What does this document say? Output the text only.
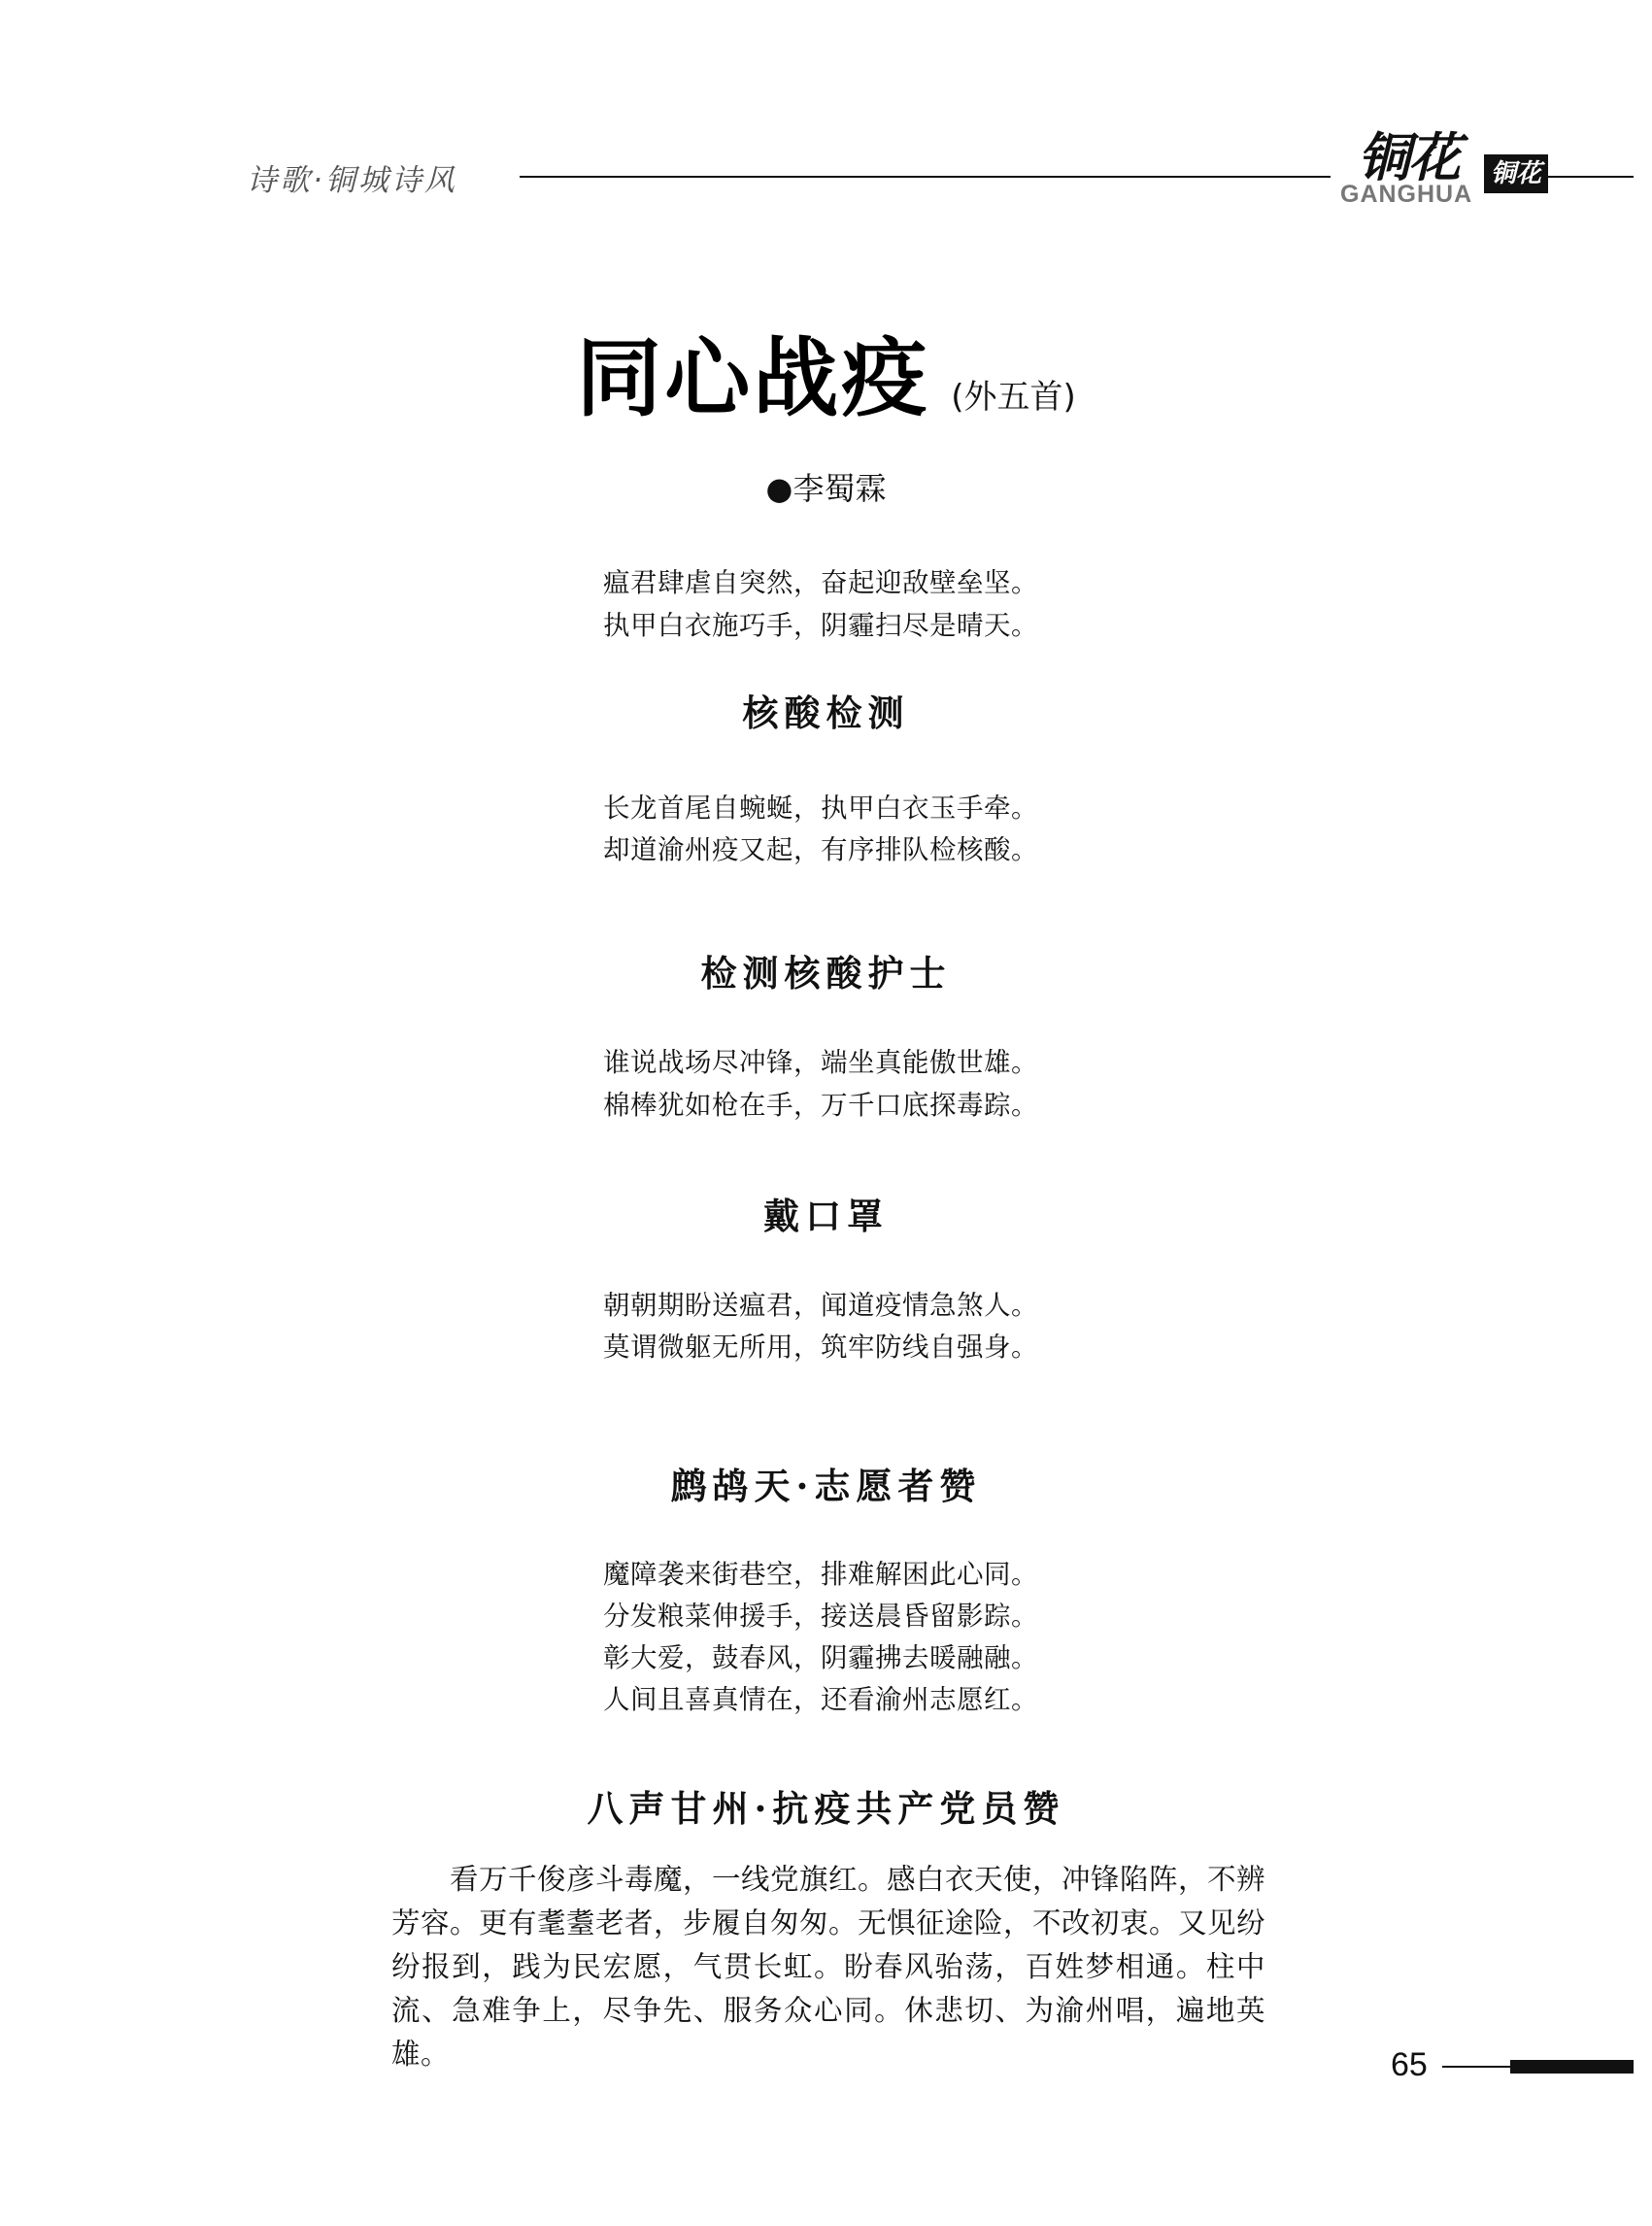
诗歌·铜城诗风	铜花
GANGHUA
铜花
同心战疫 (外五首)
●李蜀霖
瘟君肆虐自突然，奋起迎敌壁垒坚。
执甲白衣施巧手，阴霾扫尽是晴天。
核酸检测
长龙首尾自蜿蜒，执甲白衣玉手牵。
却道渝州疫又起，有序排队检核酸。
检测核酸护士
谁说战场尽冲锋，端坐真能傲世雄。
棉棒犹如枪在手，万千口底探毒踪。
戴口罩
朝朝期盼送瘟君，闻道疫情急煞人。
莫谓微躯无所用，筑牢防线自强身。
鹧鸪天·志愿者赞
魔障袭来街巷空，排难解困此心同。
分发粮菜伸援手，接送晨昏留影踪。
彰大爱，鼓春风，阴霾拂去暖融融。
人间且喜真情在，还看渝州志愿红。
八声甘州·抗疫共产党员赞
看万千俊彦斗毒魔，一线党旗红。感白衣天使，冲锋陷阵，不辨芳容。更有耄耋老者，步履自匆匆。无惧征途险，不改初衷。又见纷纷报到，践为民宏愿，气贯长虹。盼春风骀荡，百姓梦相通。柱中流、急难争上，尽争先、服务众心同。休悲切、为渝州唱，遍地英雄。	65
